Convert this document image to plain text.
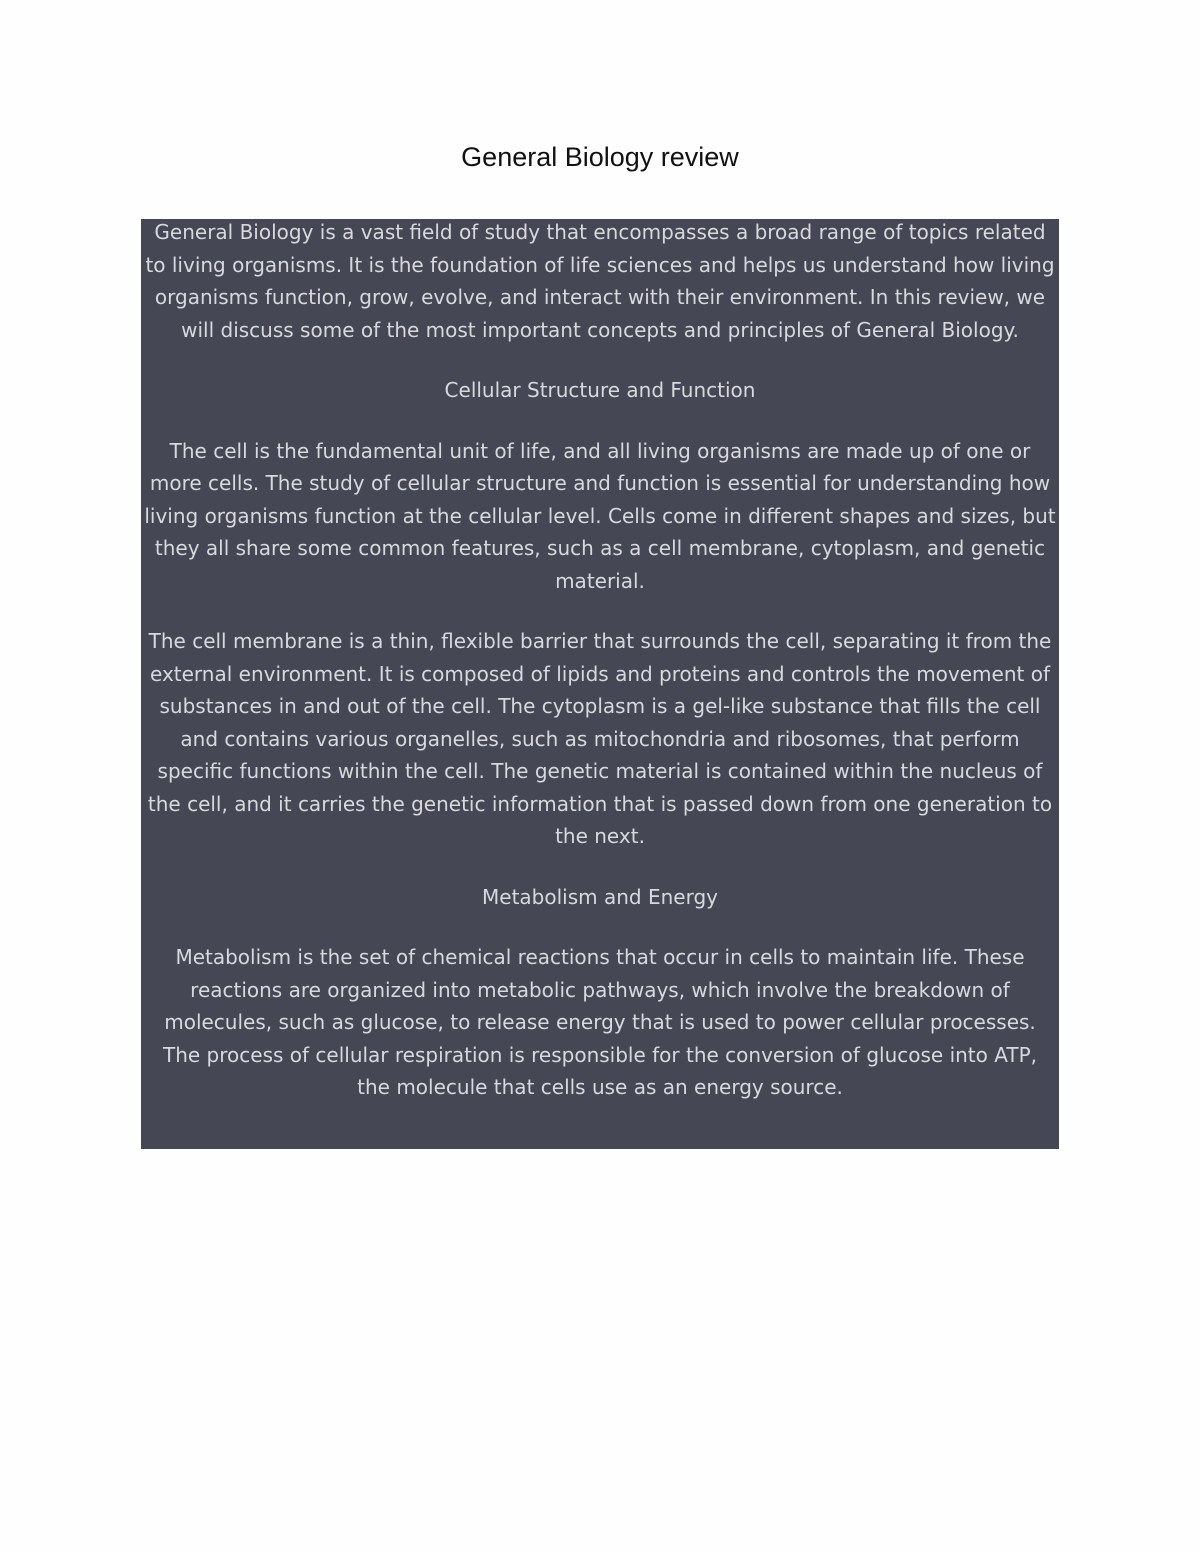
General Biology review

General Biology is a vast field of study that encompasses a broad range of topics related to living organisms. It is the foundation of life sciences and helps us understand how living organisms function, grow, evolve, and interact with their environment. In this review, we will discuss some of the most important concepts and principles of General Biology.

Cellular Structure and Function

The cell is the fundamental unit of life, and all living organisms are made up of one or more cells. The study of cellular structure and function is essential for understanding how living organisms function at the cellular level. Cells come in different shapes and sizes, but they all share some common features, such as a cell membrane, cytoplasm, and genetic material.

The cell membrane is a thin, flexible barrier that surrounds the cell, separating it from the external environment. It is composed of lipids and proteins and controls the movement of substances in and out of the cell. The cytoplasm is a gel-like substance that fills the cell and contains various organelles, such as mitochondria and ribosomes, that perform specific functions within the cell. The genetic material is contained within the nucleus of the cell, and it carries the genetic information that is passed down from one generation to the next.

Metabolism and Energy

Metabolism is the set of chemical reactions that occur in cells to maintain life. These reactions are organized into metabolic pathways, which involve the breakdown of molecules, such as glucose, to release energy that is used to power cellular processes. The process of cellular respiration is responsible for the conversion of glucose into ATP, the molecule that cells use as an energy source.
